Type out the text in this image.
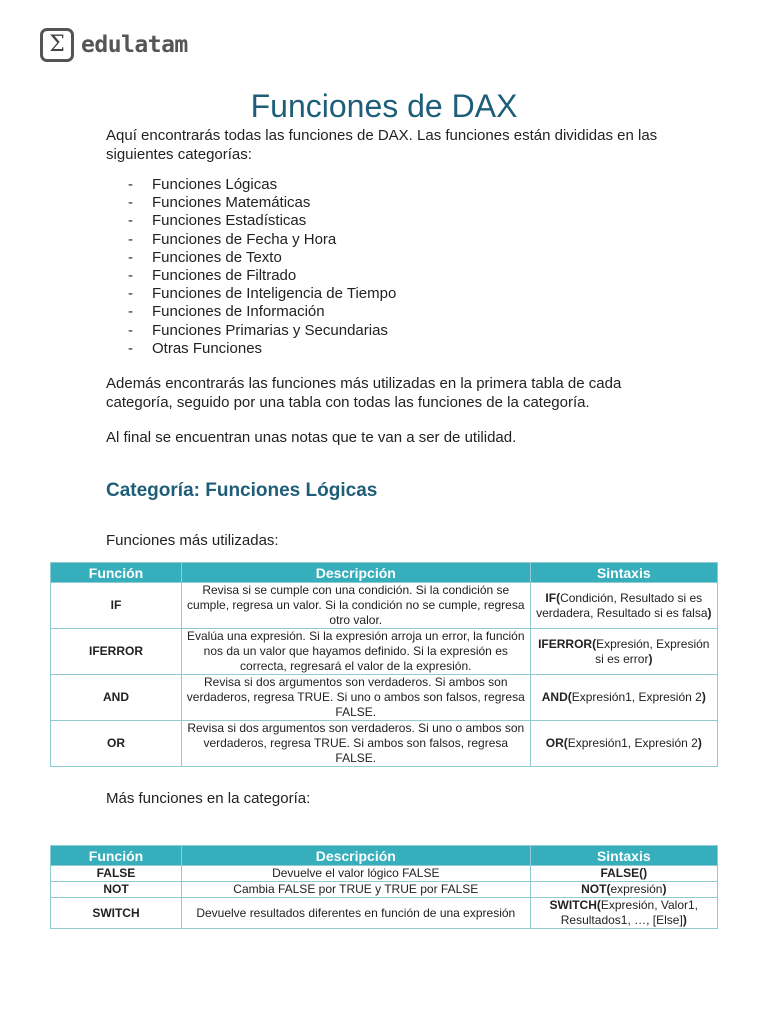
Σ edulatam
Funciones de DAX

Aquí encontrarás todas las funciones de DAX. Las funciones están divididas en las siguientes categorías:

- Funciones Lógicas
- Funciones Matemáticas
- Funciones Estadísticas
- Funciones de Fecha y Hora
- Funciones de Texto
- Funciones de Filtrado
- Funciones de Inteligencia de Tiempo
- Funciones de Información
- Funciones Primarias y Secundarias
- Otras Funciones

Además encontrarás las funciones más utilizadas en la primera tabla de cada categoría, seguido por una tabla con todas las funciones de la categoría.

Al final se encuentran unas notas que te van a ser de utilidad.

Categoría: Funciones Lógicas

Funciones más utilizadas:

Función	Descripción	Sintaxis
IF	Revisa si se cumple con una condición. Si la condición se cumple, regresa un valor. Si la condición no se cumple, regresa otro valor.	IF(Condición, Resultado si es verdadera, Resultado si es falsa)
IFERROR	Evalúa una expresión. Si la expresión arroja un error, la función nos da un valor que hayamos definido. Si la expresión es correcta, regresará el valor de la expresión.	IFERROR(Expresión, Expresión si es error)
AND	Revisa si dos argumentos son verdaderos. Si ambos son verdaderos, regresa TRUE. Si uno o ambos son falsos, regresa FALSE.	AND(Expresión1, Expresión 2)
OR	Revisa si dos argumentos son verdaderos. Si uno o ambos son verdaderos, regresa TRUE. Si ambos son falsos, regresa FALSE.	OR(Expresión1, Expresión 2)

Más funciones en la categoría:

Función	Descripción	Sintaxis
FALSE	Devuelve el valor lógico FALSE	FALSE()
NOT	Cambia FALSE por TRUE y TRUE por FALSE	NOT(expresión)
SWITCH	Devuelve resultados diferentes en función de una expresión	SWITCH(Expresión, Valor1, Resultados1, …, [Else])
